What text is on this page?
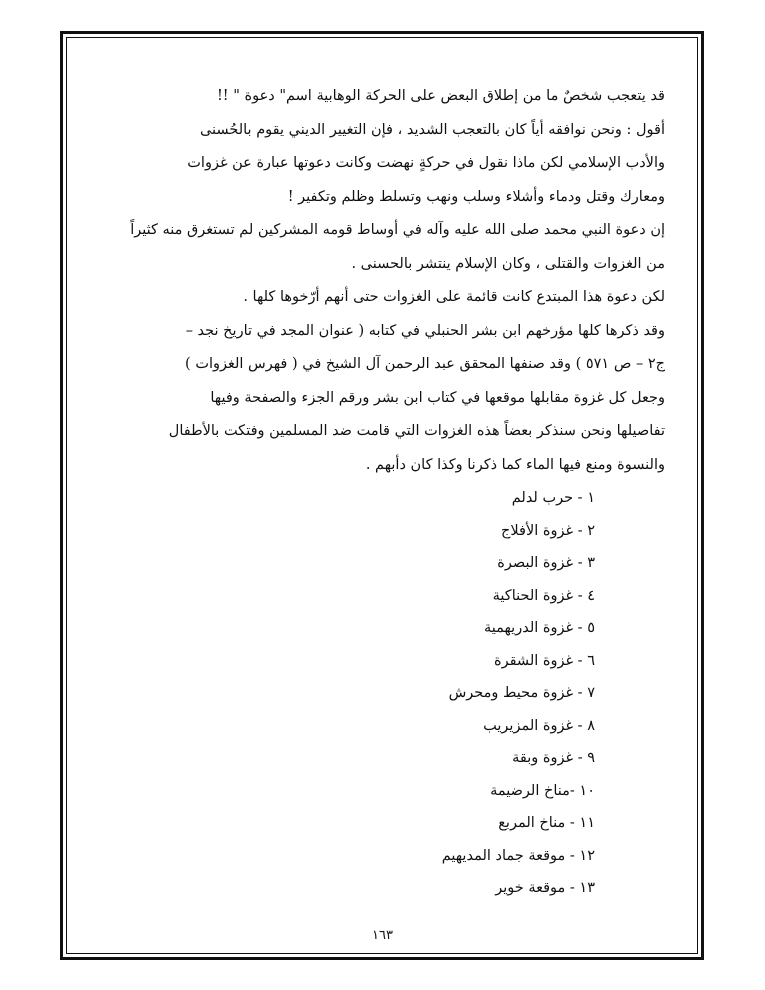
قد يتعجب شخصٌ ما من إطلاق البعض على الحركة الوهابية اسم" دعوة " !!
أقول : ونحن نوافقه أياً كان بالتعجب الشديد ، فإن التغيير الديني يقوم بالحُسنى
والأدب الإسلامي لكن ماذا نقول في حركةٍ نهضت وكانت دعوتها عبارة عن غزوات
ومعارك وقتل ودماء وأشلاء وسلب ونهب وتسلط وظلم وتكفير !
إن دعوة النبي محمد صلى الله عليه وآله في أوساط قومه المشركين لم تستغرق منه كثيراً
من الغزوات والقتلى ، وكان الإسلام ينتشر بالحسنى .
لكن دعوة هذا المبتدع كانت قائمة على الغزوات حتى أنهم أرّخوها كلها .
وقد ذكرها كلها مؤرخهم ابن بشر الحنبلي في كتابه ( عنوان المجد في تاريخ نجد –
ج٢ – ص ٥٧١ ) وقد صنفها المحقق عبد الرحمن آل الشيخ في ( فهرس الغزوات )
وجعل كل غزوة مقابلها موقعها في كتاب ابن بشر ورقم الجزء والصفحة وفيها
تفاصيلها ونحن سنذكر بعضاً هذه الغزوات التي قامت ضد المسلمين وفتكت بالأطفال
والنسوة ومنع فيها الماء كما ذكرنا وكذا كان دأبهم .
١ - حرب لدلم
٢ - غزوة الأفلاج
٣ - غزوة البصرة
٤ - غزوة الحناكية
٥ - غزوة الدريهمية
٦ - غزوة الشقرة
٧ - غزوة محيط ومحرش
٨ - غزوة المزيريب
٩ - غزوة وبقة
١٠ -مناخ الرضيمة
١١ - مناخ المربع
١٢ - موقعة جماد المديهيم
١٣ - موقعة خوير
١٦٣
